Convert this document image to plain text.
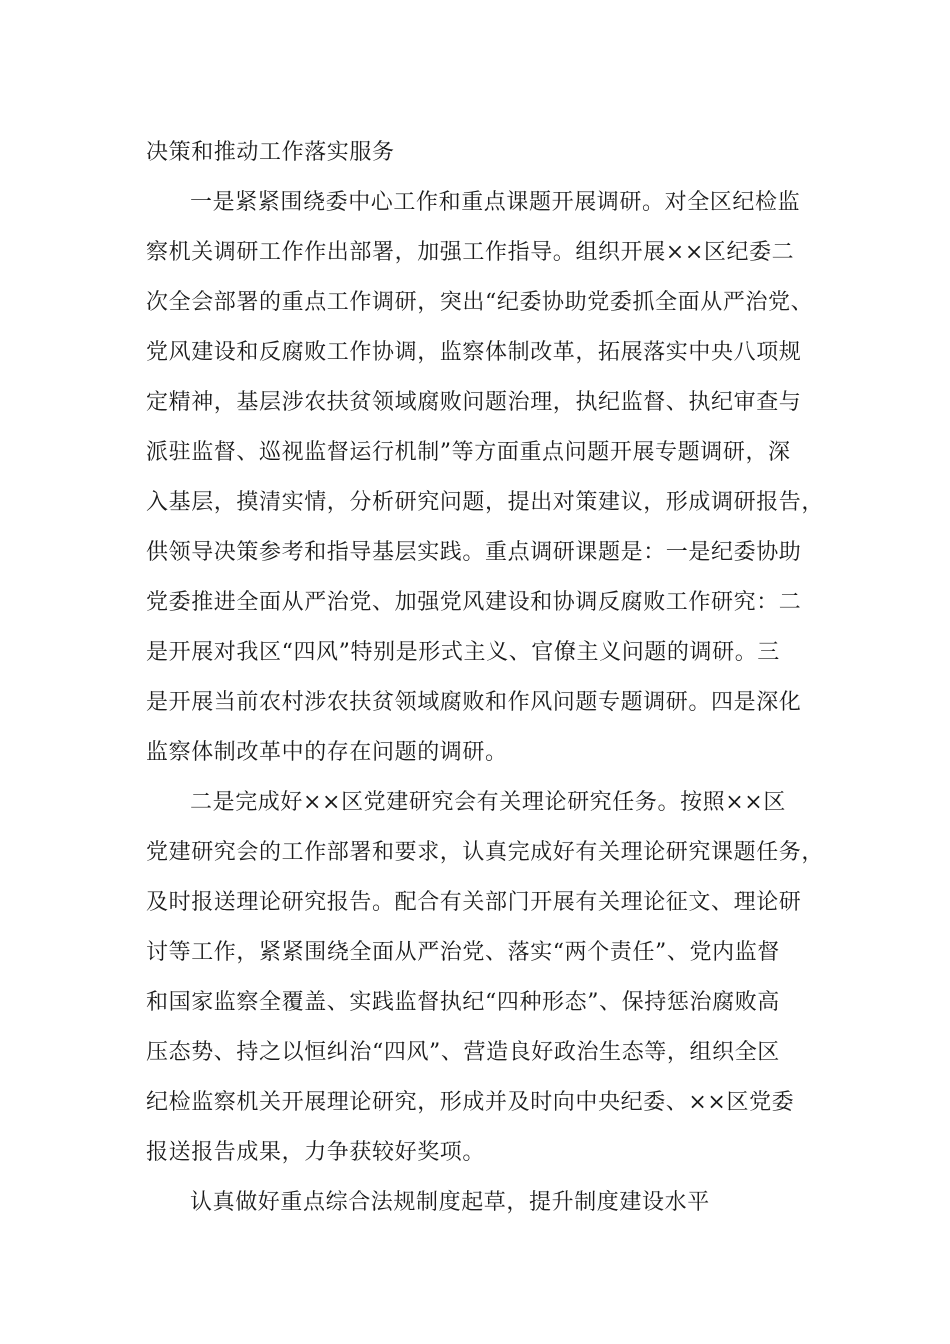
决策和推动工作落实服务
一是紧紧围绕委中心工作和重点课题开展调研。对全区纪检监
察机关调研工作作出部署，加强工作指导。组织开展××区纪委二
次全会部署的重点工作调研，突出“纪委协助党委抓全面从严治党、
党风建设和反腐败工作协调，监察体制改革，拓展落实中央八项规
定精神，基层涉农扶贫领域腐败问题治理，执纪监督、执纪审查与
派驻监督、巡视监督运行机制”等方面重点问题开展专题调研，深
入基层，摸清实情，分析研究问题，提出对策建议，形成调研报告，
供领导决策参考和指导基层实践。重点调研课题是：一是纪委协助
党委推进全面从严治党、加强党风建设和协调反腐败工作研究：二
是开展对我区“四风”特别是形式主义、官僚主义问题的调研。三
是开展当前农村涉农扶贫领域腐败和作风问题专题调研。四是深化
监察体制改革中的存在问题的调研。
二是完成好××区党建研究会有关理论研究任务。按照××区
党建研究会的工作部署和要求，认真完成好有关理论研究课题任务，
及时报送理论研究报告。配合有关部门开展有关理论征文、理论研
讨等工作，紧紧围绕全面从严治党、落实“两个责任”、党内监督
和国家监察全覆盖、实践监督执纪“四种形态”、保持惩治腐败高
压态势、持之以恒纠治“四风”、营造良好政治生态等，组织全区
纪检监察机关开展理论研究，形成并及时向中央纪委、××区党委
报送报告成果，力争获较好奖项。
认真做好重点综合法规制度起草，提升制度建设水平
